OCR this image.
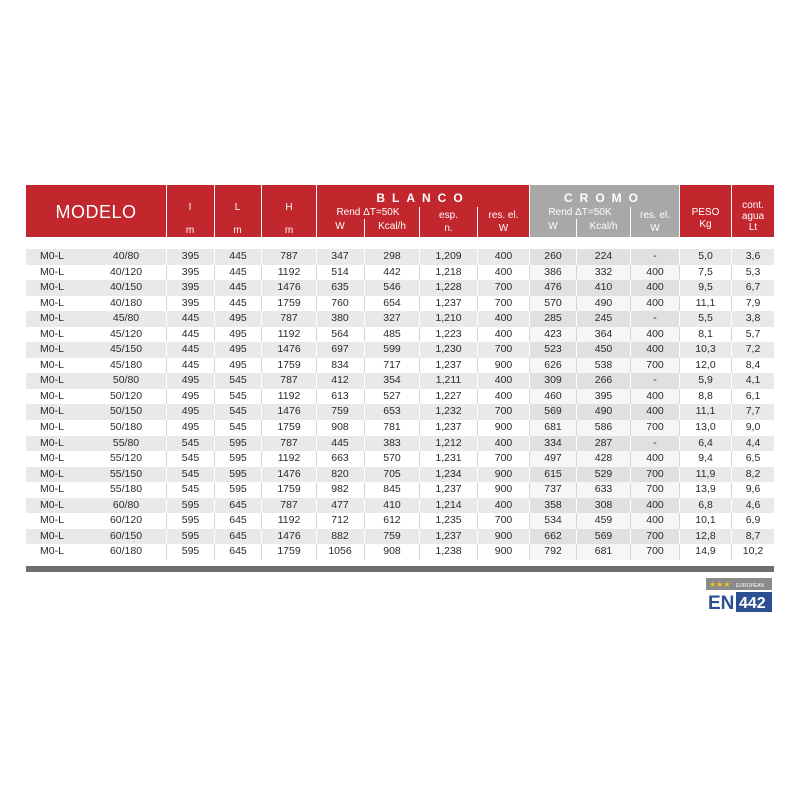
MODELO	I
m
L
m
H
m
BLANCO
Rend ΔT=50K
W	Kcal/h
esp.
n.
res. el.
W
CROMO
Rend ΔT=50K
W	Kcal/h
res. el.
W
PESO
Kg
cont.
agua
Lt
M0-L	40/80	395	445	787	347	298	1,209	400	260	224	-	5,0	3,6
M0-L	40/120	395	445	1192	514	442	1,218	400	386	332	400	7,5	5,3
M0-L	40/150	395	445	1476	635	546	1,228	700	476	410	400	9,5	6,7
M0-L	40/180	395	445	1759	760	654	1,237	700	570	490	400	11,1	7,9
M0-L	45/80	445	495	787	380	327	1,210	400	285	245	-	5,5	3,8
M0-L	45/120	445	495	1192	564	485	1,223	400	423	364	400	8,1	5,7
M0-L	45/150	445	495	1476	697	599	1,230	700	523	450	400	10,3	7,2
M0-L	45/180	445	495	1759	834	717	1,237	900	626	538	700	12,0	8,4
M0-L	50/80	495	545	787	412	354	1,211	400	309	266	-	5,9	4,1
M0-L	50/120	495	545	1192	613	527	1,227	400	460	395	400	8,8	6,1
M0-L	50/150	495	545	1476	759	653	1,232	700	569	490	400	11,1	7,7
M0-L	50/180	495	545	1759	908	781	1,237	900	681	586	700	13,0	9,0
M0-L	55/80	545	595	787	445	383	1,212	400	334	287	-	6,4	4,4
M0-L	55/120	545	595	1192	663	570	1,231	700	497	428	400	9,4	6,5
M0-L	55/150	545	595	1476	820	705	1,234	900	615	529	700	11,9	8,2
M0-L	55/180	545	595	1759	982	845	1,237	900	737	633	700	13,9	9,6
M0-L	60/80	595	645	787	477	410	1,214	400	358	308	400	6,8	4,6
M0-L	60/120	595	645	1192	712	612	1,235	700	534	459	400	10,1	6,9
M0-L	60/150	595	645	1476	882	759	1,237	900	662	569	700	12,8	8,7
M0-L	60/180	595	645	1759	1056	908	1,238	900	792	681	700	14,9	10,2
★★★ EUROPEAN
EN 442
